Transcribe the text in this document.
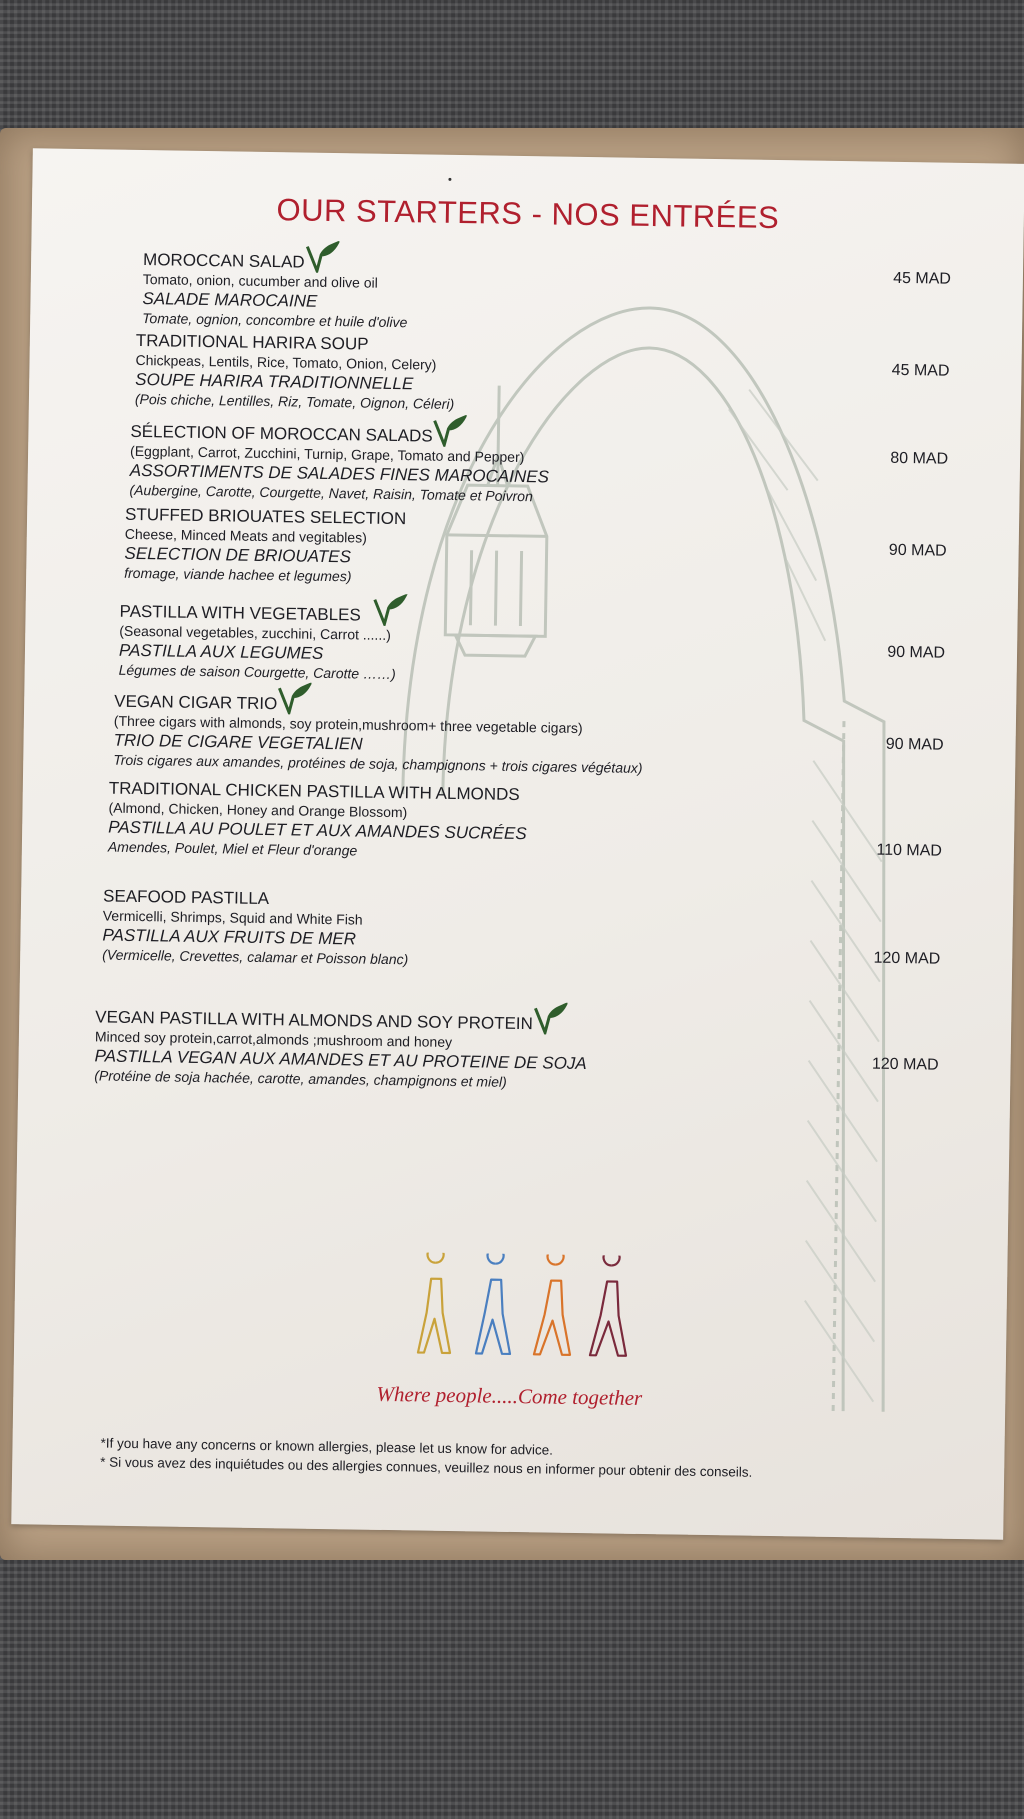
OUR STARTERS - NOS ENTRÉES
MOROCCAN SALAD
Tomato, onion, cucumber and olive oil
SALADE MAROCAINE
Tomate, ognion, concombre et huile d'olive
45 MAD
TRADITIONAL HARIRA SOUP
Chickpeas, Lentils, Rice, Tomato, Onion, Celery)
SOUPE HARIRA TRADITIONNELLE
(Pois chiche, Lentilles, Riz, Tomate, Oignon, Céleri)
45 MAD
SÉLECTION OF MOROCCAN SALADS
(Eggplant, Carrot, Zucchini, Turnip, Grape, Tomato and Pepper)
ASSORTIMENTS DE SALADES FINES MAROCAINES
(Aubergine, Carotte, Courgette, Navet, Raisin, Tomate et Poivron
80 MAD
STUFFED BRIOUATES SELECTION
Cheese, Minced Meats and vegitables)
SELECTION DE BRIOUATES
fromage, viande hachee et legumes)
90 MAD
PASTILLA WITH VEGETABLES
(Seasonal vegetables, zucchini, Carrot ......)
PASTILLA AUX LEGUMES
Légumes de saison Courgette, Carotte ……)
90 MAD
VEGAN CIGAR TRIO
(Three cigars with almonds, soy protein,mushroom+ three vegetable cigars)
TRIO DE CIGARE VEGETALIEN
Trois cigares aux amandes, protéines de soja, champignons + trois cigares végétaux)
90 MAD
TRADITIONAL CHICKEN PASTILLA WITH ALMONDS
(Almond, Chicken, Honey and Orange Blossom)
PASTILLA AU POULET ET AUX AMANDES SUCRÉES
Amendes, Poulet, Miel et Fleur d'orange	110 MAD
SEAFOOD PASTILLA
Vermicelli, Shrimps, Squid and White Fish
PASTILLA AUX FRUITS DE MER
(Vermicelle, Crevettes, calamar et Poisson blanc)	120 MAD
VEGAN PASTILLA WITH ALMONDS AND SOY PROTEIN
Minced soy protein,carrot,almonds ;mushroom and honey
PASTILLA VEGAN AUX AMANDES ET AU PROTEINE DE SOJA
(Protéine de soja hachée, carotte, amandes, champignons et miel)
120 MAD
Where people.....Come together
*If you have any concerns or known allergies, please let us know for advice.
* Si vous avez des inquiétudes ou des allergies connues, veuillez nous en informer pour obtenir des conseils.
